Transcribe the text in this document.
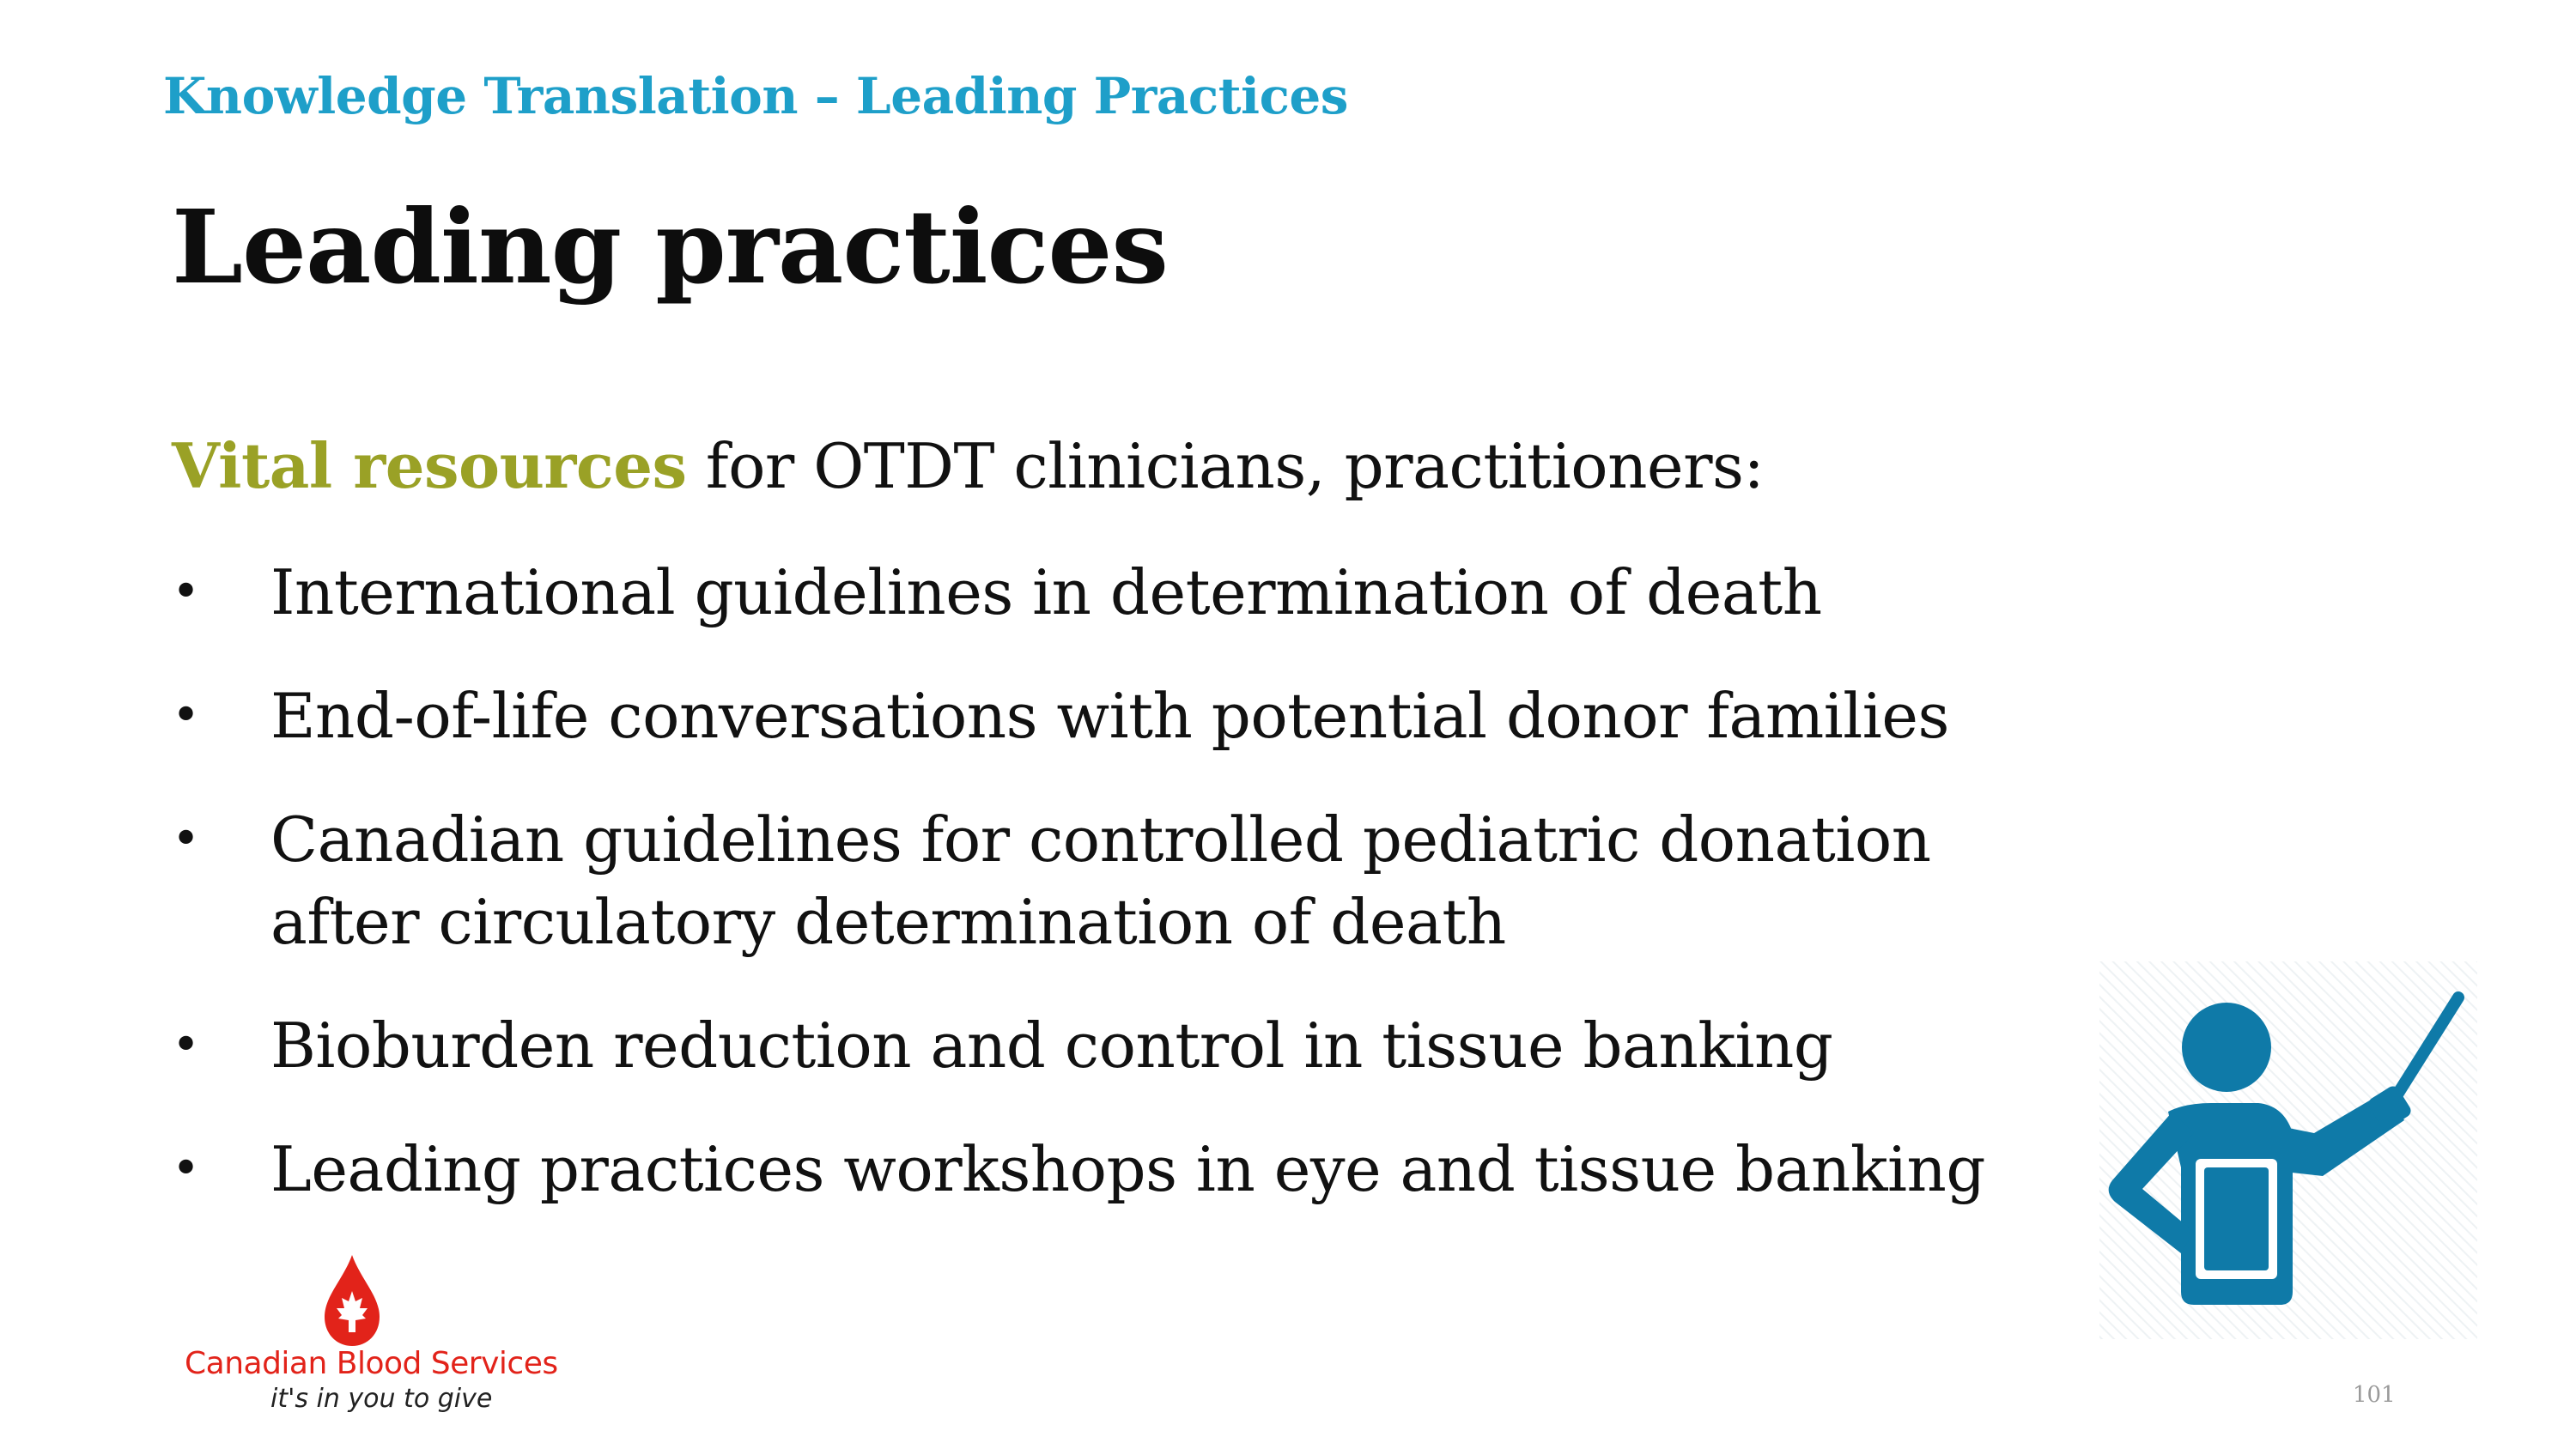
Knowledge Translation – Leading Practices
Leading practices
Vital resources for OTDT clinicians, practitioners:
•	International guidelines in determination of death
•	End-of-life conversations with potential donor families
•	Canadian guidelines for controlled pediatric donation after circulatory determination of death
•	Bioburden reduction and control in tissue banking
•	Leading practices workshops in eye and tissue banking
Canadian Blood Services
it's in you to give	101
